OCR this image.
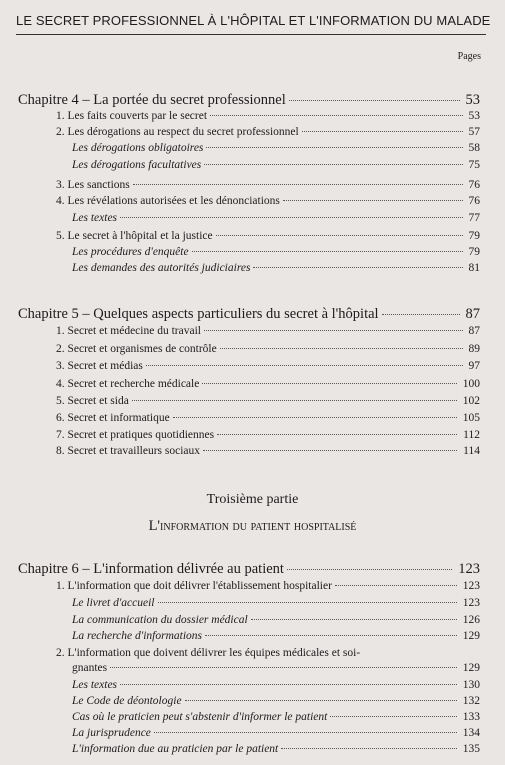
LE SECRET PROFESSIONNEL À L'HÔPITAL ET L'INFORMATION DU MALADE
Pages
Chapitre 4 – La portée du secret professionnel	53
1. Les faits couverts par le secret	53
2. Les dérogations au respect du secret professionnel	57
Les dérogations obligatoires	58
Les dérogations facultatives	75
3. Les sanctions	76
4. Les révélations autorisées et les dénonciations	76
Les textes	77
5. Le secret à l'hôpital et la justice	79
Les procédures d'enquête	79
Les demandes des autorités judiciaires	81
Chapitre 5 – Quelques aspects particuliers du secret à l'hôpital	87
1. Secret et médecine du travail	87
2. Secret et organismes de contrôle	89
3. Secret et médias	97
4. Secret et recherche médicale	100
5. Secret et sida	102
6. Secret et informatique	105
7. Secret et pratiques quotidiennes	112
8. Secret et travailleurs sociaux	114
Chapitre 6 – L'information délivrée au patient	123
1. L'information que doit délivrer l'établissement hospitalier	123
Le livret d'accueil	123
La communication du dossier médical	126
La recherche d'informations	129
2. L'information que doivent délivrer les équipes médicales et soi-
gnantes	129
Les textes	130
Le Code de déontologie	132
Cas où le praticien peut s'abstenir d'informer le patient	133
La jurisprudence	134
L'information due au praticien par le patient	135
Troisième partie
L'information du patient hospitalisé
